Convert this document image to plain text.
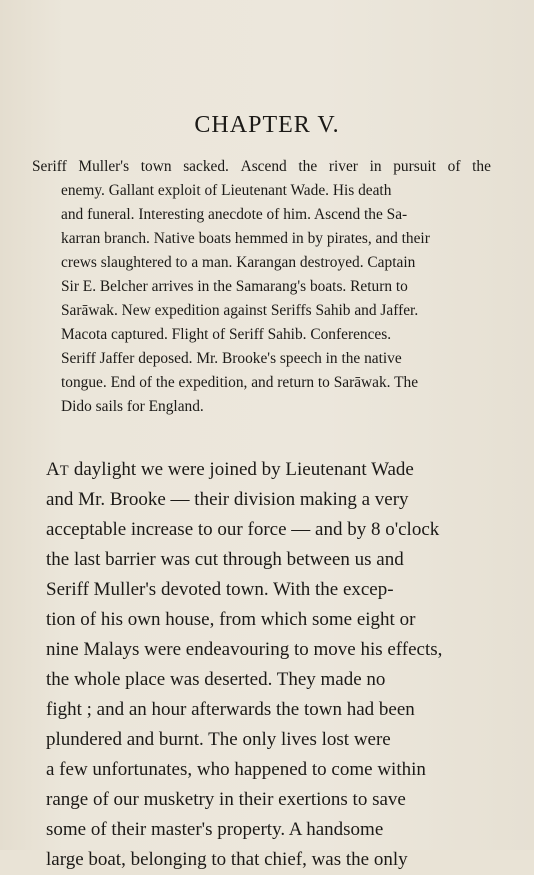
CHAPTER V.
Seriff Muller's town sacked. Ascend the river in pursuit of the
enemy. Gallant exploit of Lieutenant Wade. His death
and funeral. Interesting anecdote of him. Ascend the Sa-
karran branch. Native boats hemmed in by pirates, and their
crews slaughtered to a man. Karangan destroyed. Captain
Sir E. Belcher arrives in the Samarang's boats. Return to
Sarāwak. New expedition against Seriffs Sahib and Jaffer.
Macota captured. Flight of Seriff Sahib. Conferences.
Seriff Jaffer deposed. Mr. Brooke's speech in the native
tongue. End of the expedition, and return to Sarāwak. The
Dido sails for England.
AT daylight we were joined by Lieutenant Wade
and Mr. Brooke — their division making a very
acceptable increase to our force — and by 8 o'clock
the last barrier was cut through between us and
Seriff Muller's devoted town. With the excep-
tion of his own house, from which some eight or
nine Malays were endeavouring to move his effects,
the whole place was deserted. They made no
fight ; and an hour afterwards the town had been
plundered and burnt. The only lives lost were
a few unfortunates, who happened to come within
range of our musketry in their exertions to save
some of their master's property. A handsome
large boat, belonging to that chief, was the only
